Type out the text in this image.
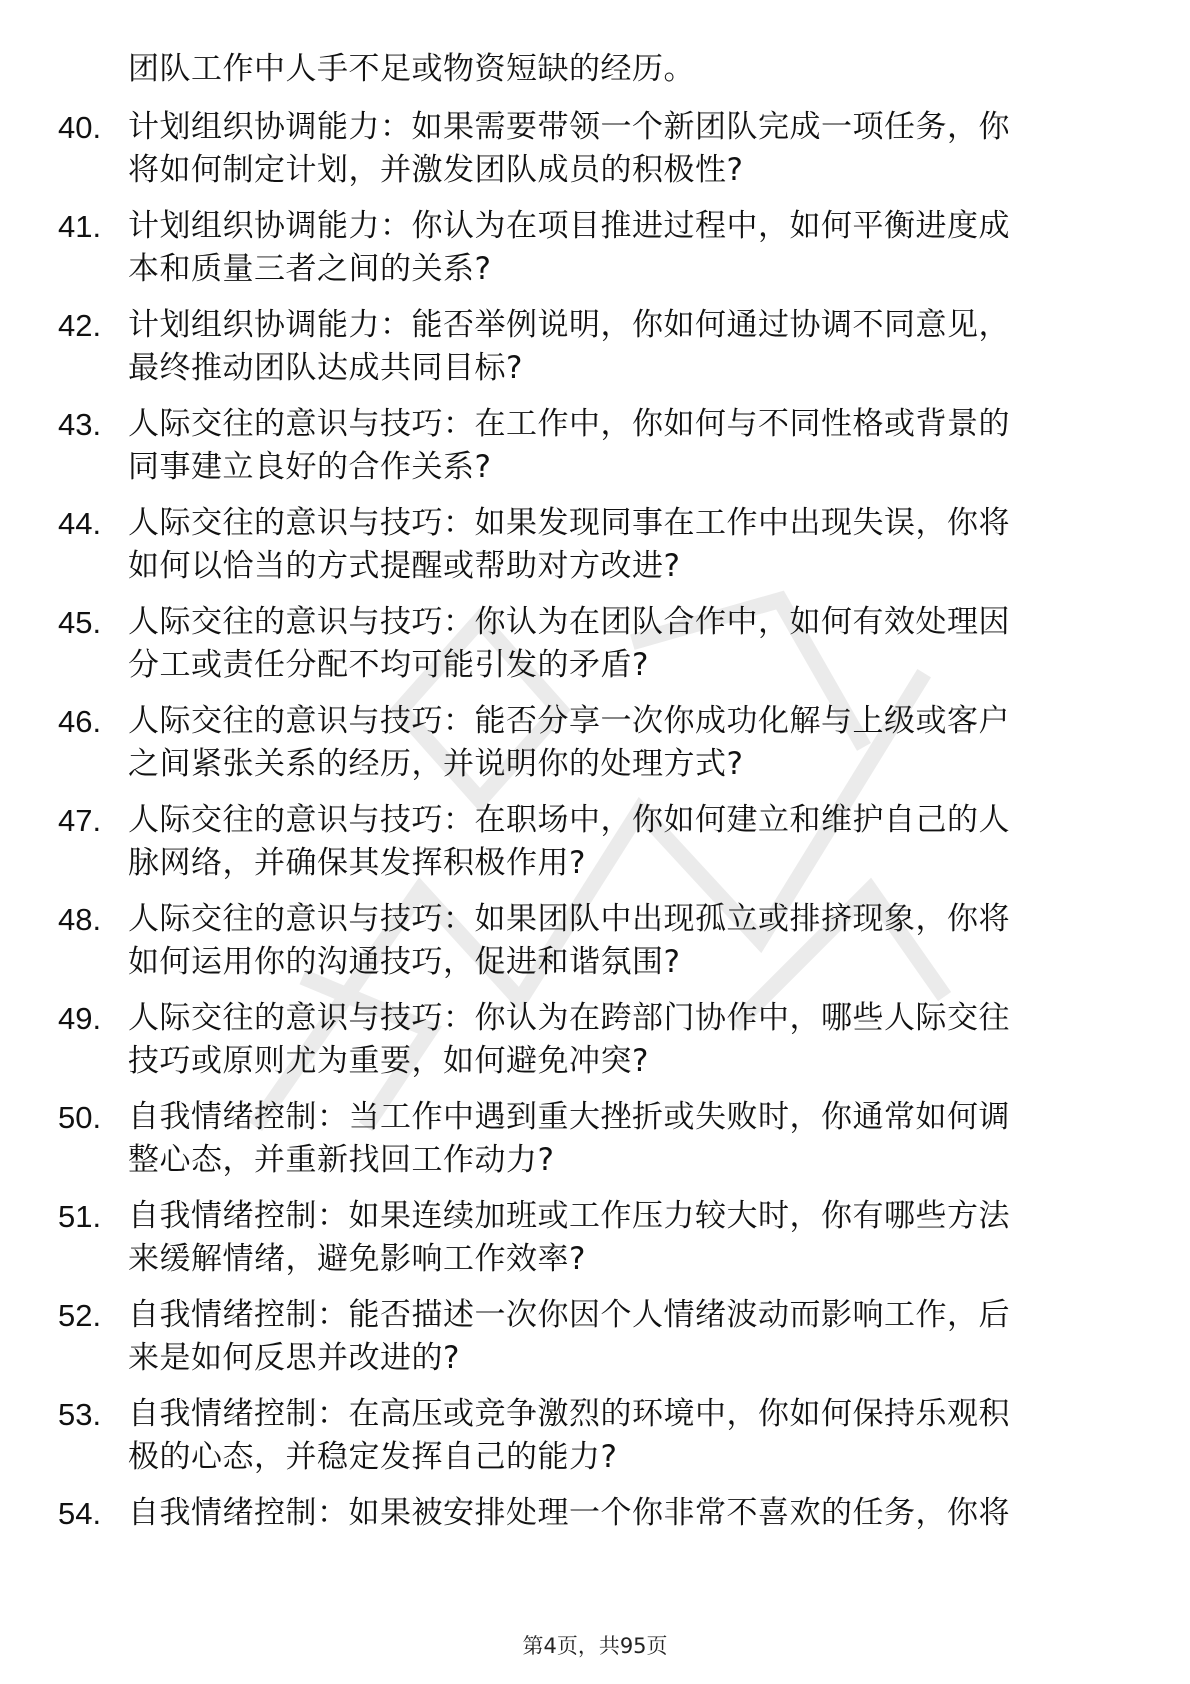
团队工作中人手不足或物资短缺的经历。
40. 计划组织协调能力：如果需要带领一个新团队完成一项任务，你
将如何制定计划，并激发团队成员的积极性?
41. 计划组织协调能力：你认为在项目推进过程中，如何平衡进度成
本和质量三者之间的关系?
42. 计划组织协调能力：能否举例说明，你如何通过协调不同意见，
最终推动团队达成共同目标?
43. 人际交往的意识与技巧：在工作中，你如何与不同性格或背景的
同事建立良好的合作关系?
44. 人际交往的意识与技巧：如果发现同事在工作中出现失误，你将
如何以恰当的方式提醒或帮助对方改进?
45. 人际交往的意识与技巧：你认为在团队合作中，如何有效处理因
分工或责任分配不均可能引发的矛盾?
46. 人际交往的意识与技巧：能否分享一次你成功化解与上级或客户
之间紧张关系的经历，并说明你的处理方式?
47. 人际交往的意识与技巧：在职场中，你如何建立和维护自己的人
脉网络，并确保其发挥积极作用?
48. 人际交往的意识与技巧：如果团队中出现孤立或排挤现象，你将
如何运用你的沟通技巧，促进和谐氛围?
49. 人际交往的意识与技巧：你认为在跨部门协作中，哪些人际交往
技巧或原则尤为重要，如何避免冲突?
50. 自我情绪控制：当工作中遇到重大挫折或失败时，你通常如何调
整心态，并重新找回工作动力?
51. 自我情绪控制：如果连续加班或工作压力较大时，你有哪些方法
来缓解情绪，避免影响工作效率?
52. 自我情绪控制：能否描述一次你因个人情绪波动而影响工作，后
来是如何反思并改进的?
53. 自我情绪控制：在高压或竞争激烈的环境中，你如何保持乐观积
极的心态，并稳定发挥自己的能力?
54. 自我情绪控制：如果被安排处理一个你非常不喜欢的任务，你将
第4页，共95页
